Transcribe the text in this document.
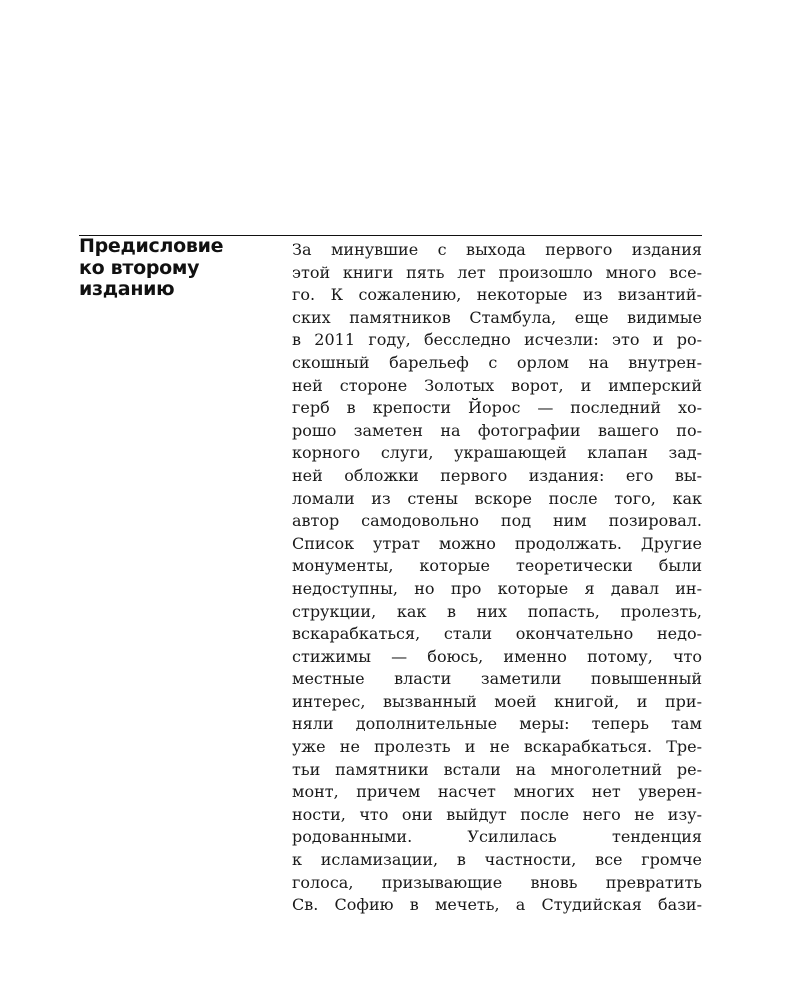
Предисловие
ко второму
изданию
За минувшие с выхода первого издания
этой книги пять лет произошло много все-
го. К сожалению, некоторые из византий-
ских памятников Стамбула, еще видимые
в 2011 году, бесследно исчезли: это и ро-
скошный барельеф с орлом на внутрен-
ней стороне Золотых ворот, и имперский
герб в крепости Йорос — последний хо-
рошо заметен на фотографии вашего по-
корного слуги, украшающей клапан зад-
ней обложки первого издания: его вы-
ломали из стены вскоре после того, как
автор самодовольно под ним позировал.
Список утрат можно продолжать. Другие
монументы, которые теоретически были
недоступны, но про которые я давал ин-
струкции, как в них попасть, пролезть,
вскарабкаться, стали окончательно недо-
стижимы — боюсь, именно потому, что
местные власти заметили повышенный
интерес, вызванный моей книгой, и при-
няли дополнительные меры: теперь там
уже не пролезть и не вскарабкаться. Тре-
тьи памятники встали на многолетний ре-
монт, причем насчет многих нет уверен-
ности, что они выйдут после него не изу-
родованными. Усилилась тенденция
к исламизации, в частности, все громче
голоса, призывающие вновь превратить
Св. Софию в мечеть, а Студийская бази-
